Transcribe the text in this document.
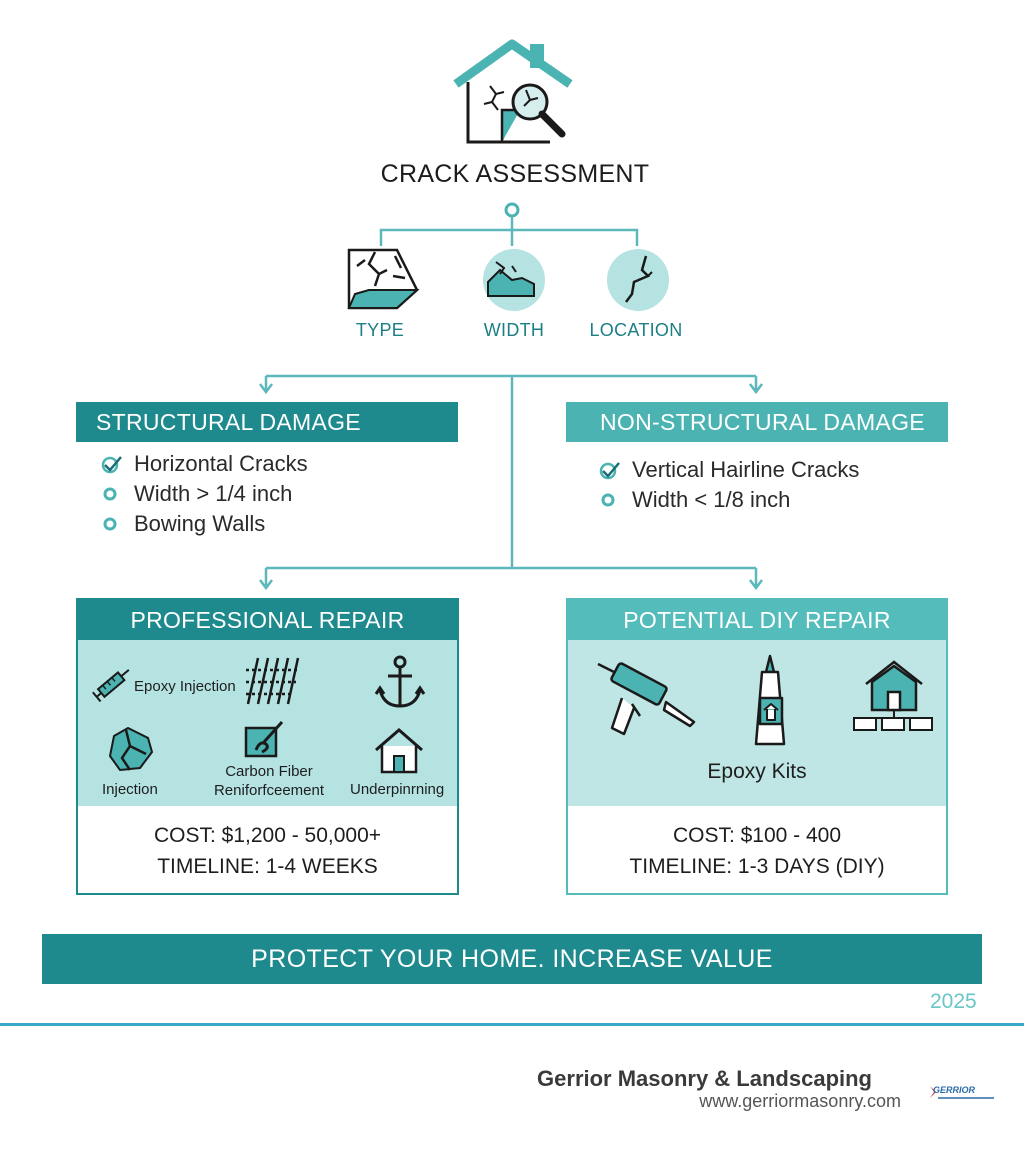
CRACK ASSESSMENT
TYPE	WIDTH	LOCATION
STRUCTURAL DAMAGE
Horizontal Cracks
Width > 1/4 inch
Bowing Walls
NON-STRUCTURAL DAMAGE
Vertical Hairline Cracks
Width < 1/8 inch
PROFESSIONAL REPAIR
Epoxy Injection
Injection
Carbon Fiber
Reniforfceement	Underpinrning
COST: $1,200 - 50,000+
TIMELINE: 1-4 WEEKS
POTENTIAL DIY REPAIR
Epoxy Kits
COST: $100 - 400
TIMELINE: 1-3 DAYS (DIY)
PROTECT YOUR HOME. INCREASE VALUE
2025
Gerrior Masonry & Landscaping
www.gerriormasonry.com
GERRIOR
